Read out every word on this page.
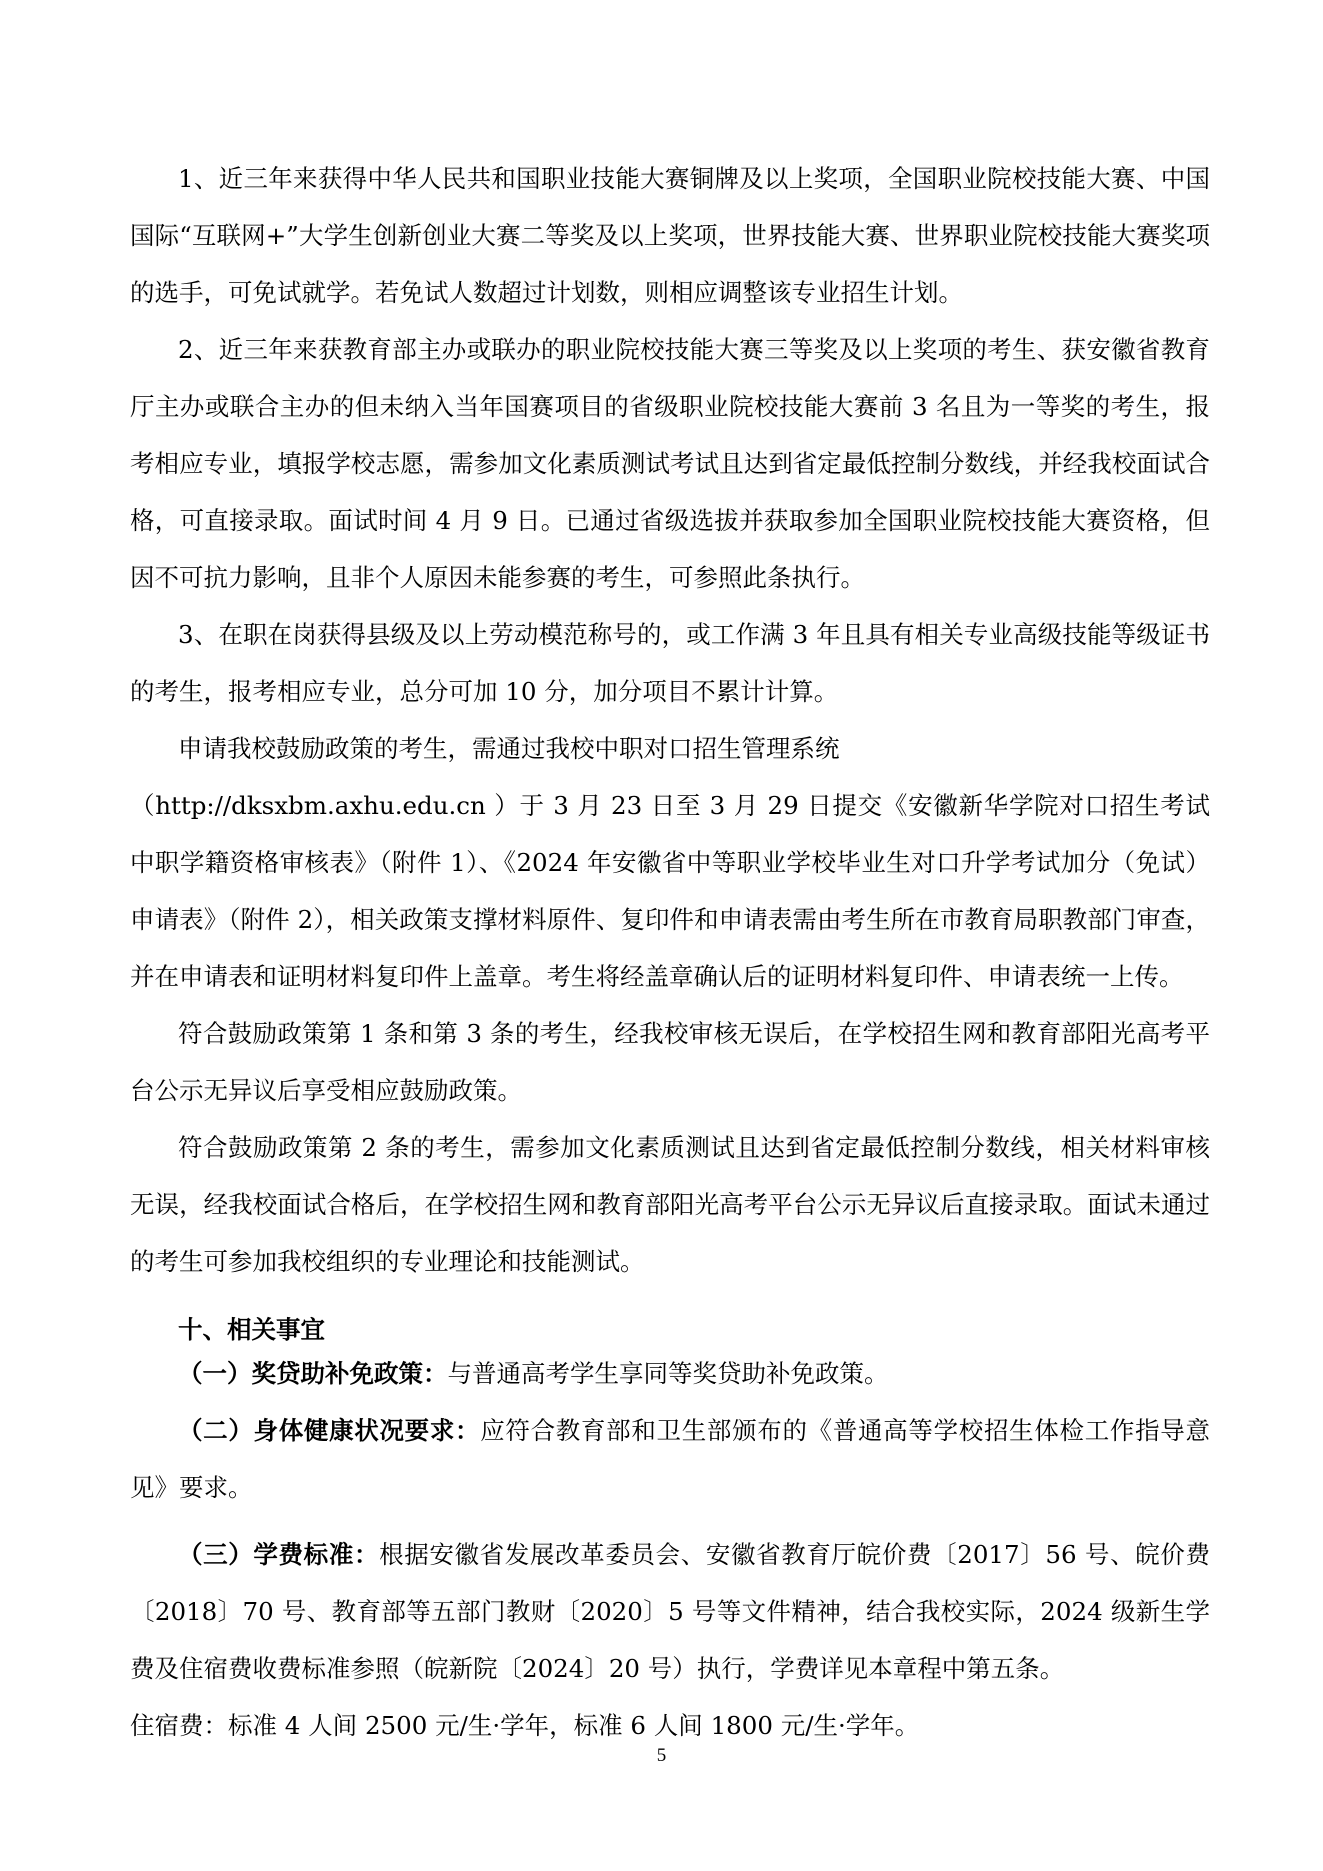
1、近三年来获得中华人民共和国职业技能大赛铜牌及以上奖项，全国职业院校技能大赛、中国国际“互联网+”大学生创新创业大赛二等奖及以上奖项，世界技能大赛、世界职业院校技能大赛奖项的选手，可免试就学。若免试人数超过计划数，则相应调整该专业招生计划。

2、近三年来获教育部主办或联办的职业院校技能大赛三等奖及以上奖项的考生、获安徽省教育厅主办或联合主办的但未纳入当年国赛项目的省级职业院校技能大赛前 3 名且为一等奖的考生，报考相应专业，填报学校志愿，需参加文化素质测试考试且达到省定最低控制分数线，并经我校面试合格，可直接录取。面试时间 4 月 9 日。已通过省级选拔并获取参加全国职业院校技能大赛资格，但因不可抗力影响，且非个人原因未能参赛的考生，可参照此条执行。

3、在职在岗获得县级及以上劳动模范称号的，或工作满 3 年且具有相关专业高级技能等级证书的考生，报考相应专业，总分可加 10 分，加分项目不累计计算。

申请我校鼓励政策的考生，需通过我校中职对口招生管理系统

（http://dksxbm.axhu.edu.cn ）于 3 月 23 日至 3 月 29 日提交《安徽新华学院对口招生考试中职学籍资格审核表》（附件 1）、《2024 年安徽省中等职业学校毕业生对口升学考试加分（免试）申请表》（附件 2），相关政策支撑材料原件、复印件和申请表需由考生所在市教育局职教部门审查，并在申请表和证明材料复印件上盖章。考生将经盖章确认后的证明材料复印件、申请表统一上传。

符合鼓励政策第 1 条和第 3 条的考生，经我校审核无误后，在学校招生网和教育部阳光高考平台公示无异议后享受相应鼓励政策。

符合鼓励政策第 2 条的考生，需参加文化素质测试且达到省定最低控制分数线，相关材料审核无误，经我校面试合格后，在学校招生网和教育部阳光高考平台公示无异议后直接录取。面试未通过的考生可参加我校组织的专业理论和技能测试。

十、相关事宜

（一）奖贷助补免政策：与普通高考学生享同等奖贷助补免政策。

（二）身体健康状况要求：应符合教育部和卫生部颁布的《普通高等学校招生体检工作指导意见》要求。

（三）学费标准：根据安徽省发展改革委员会、安徽省教育厅皖价费〔2017〕56 号、皖价费〔2018〕70 号、教育部等五部门教财〔2020〕5 号等文件精神，结合我校实际，2024 级新生学费及住宿费收费标准参照（皖新院〔2024〕20 号）执行，学费详见本章程中第五条。

住宿费：标准 4 人间 2500 元/生·学年，标准 6 人间 1800 元/生·学年。

5
